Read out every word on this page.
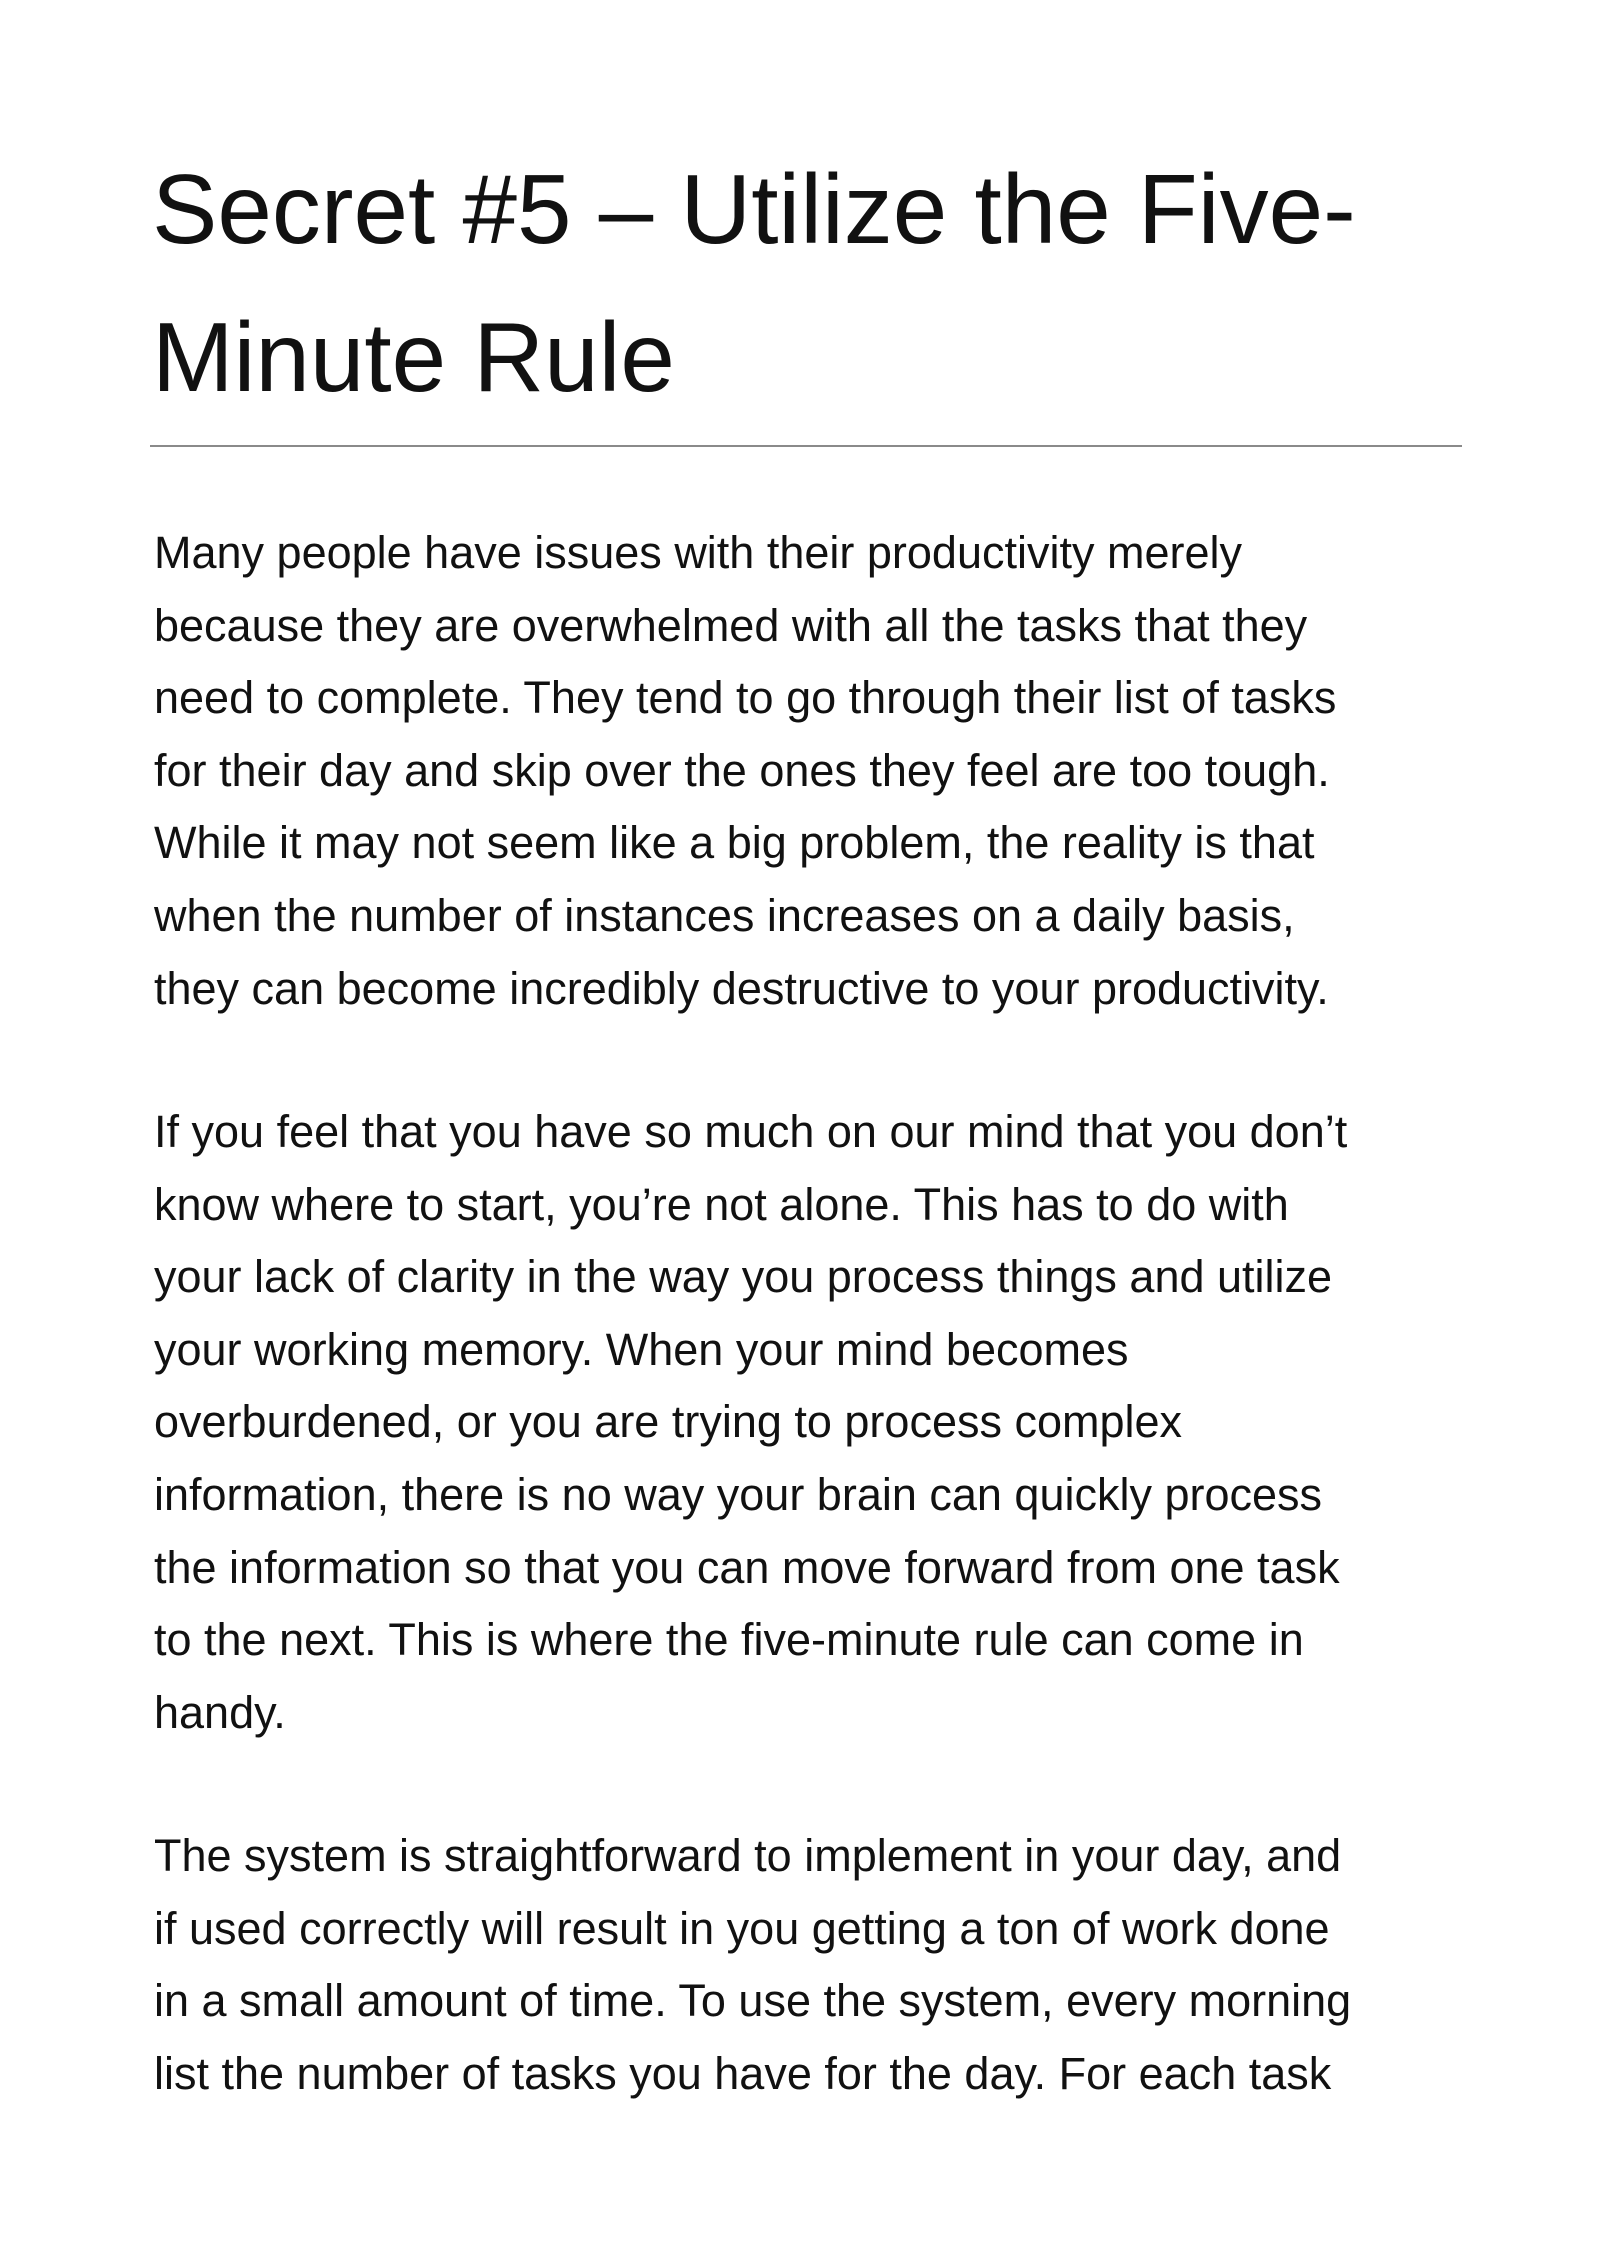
Secret #5 – Utilize the Five-
Minute Rule

Many people have issues with their productivity merely
because they are overwhelmed with all the tasks that they
need to complete. They tend to go through their list of tasks
for their day and skip over the ones they feel are too tough.
While it may not seem like a big problem, the reality is that
when the number of instances increases on a daily basis,
they can become incredibly destructive to your productivity.

If you feel that you have so much on our mind that you don’t
know where to start, you’re not alone. This has to do with
your lack of clarity in the way you process things and utilize
your working memory. When your mind becomes
overburdened, or you are trying to process complex
information, there is no way your brain can quickly process
the information so that you can move forward from one task
to the next. This is where the five-minute rule can come in
handy.

The system is straightforward to implement in your day, and
if used correctly will result in you getting a ton of work done
in a small amount of time. To use the system, every morning
list the number of tasks you have for the day. For each task
